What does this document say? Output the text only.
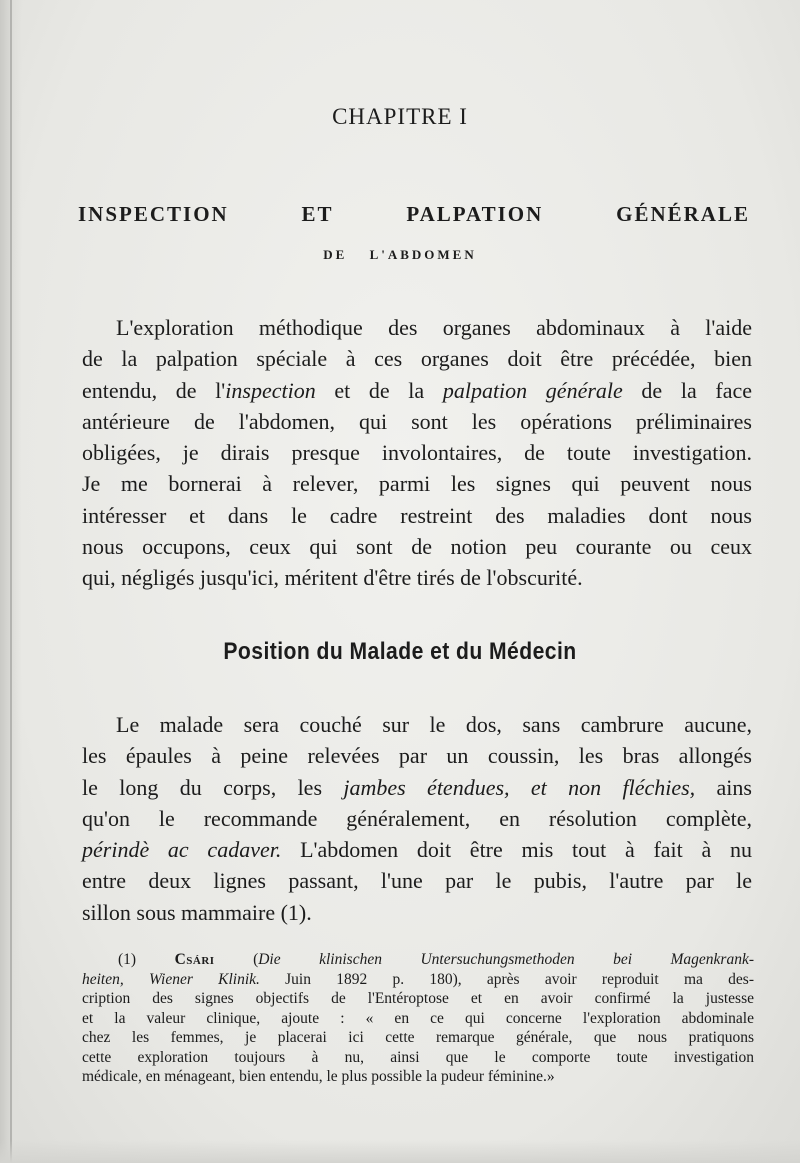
CHAPITRE I
INSPECTION	ET	PALPATION	GÉNÉRALE
DE L'ABDOMEN

L'exploration méthodique des organes abdominaux à l'aide
de la palpation spéciale à ces organes doit être précédée, bien
entendu, de l'inspection et de la palpation générale de la face
antérieure de l'abdomen, qui sont les opérations préliminaires
obligées, je dirais presque involontaires, de toute investigation.
Je me bornerai à relever, parmi les signes qui peuvent nous
intéresser et dans le cadre restreint des maladies dont nous
nous occupons, ceux qui sont de notion peu courante ou ceux
qui, négligés jusqu'ici, méritent d'être tirés de l'obscurité.

Position du Malade et du Médecin

Le malade sera couché sur le dos, sans cambrure aucune,
les épaules à peine relevées par un coussin, les bras allongés
le long du corps, les jambes étendues, et non fléchies, ains
qu'on le recommande généralement, en résolution complète,
périndè ac cadaver. L'abdomen doit être mis tout à fait à nu
entre deux lignes passant, l'une par le pubis, l'autre par le
sillon sous mammaire (1).

(1) Csári (Die klinischen Untersuchungsmethoden bei Magenkrank-
heiten, Wiener Klinik. Juin 1892 p. 180), après avoir reproduit ma des-
cription des signes objectifs de l'Entéroptose et en avoir confirmé la justesse
et la valeur clinique, ajoute : « en ce qui concerne l'exploration abdominale
chez les femmes, je placerai ici cette remarque générale, que nous pratiquons
cette exploration toujours à nu, ainsi que le comporte toute investigation
médicale, en ménageant, bien entendu, le plus possible la pudeur féminine.»
